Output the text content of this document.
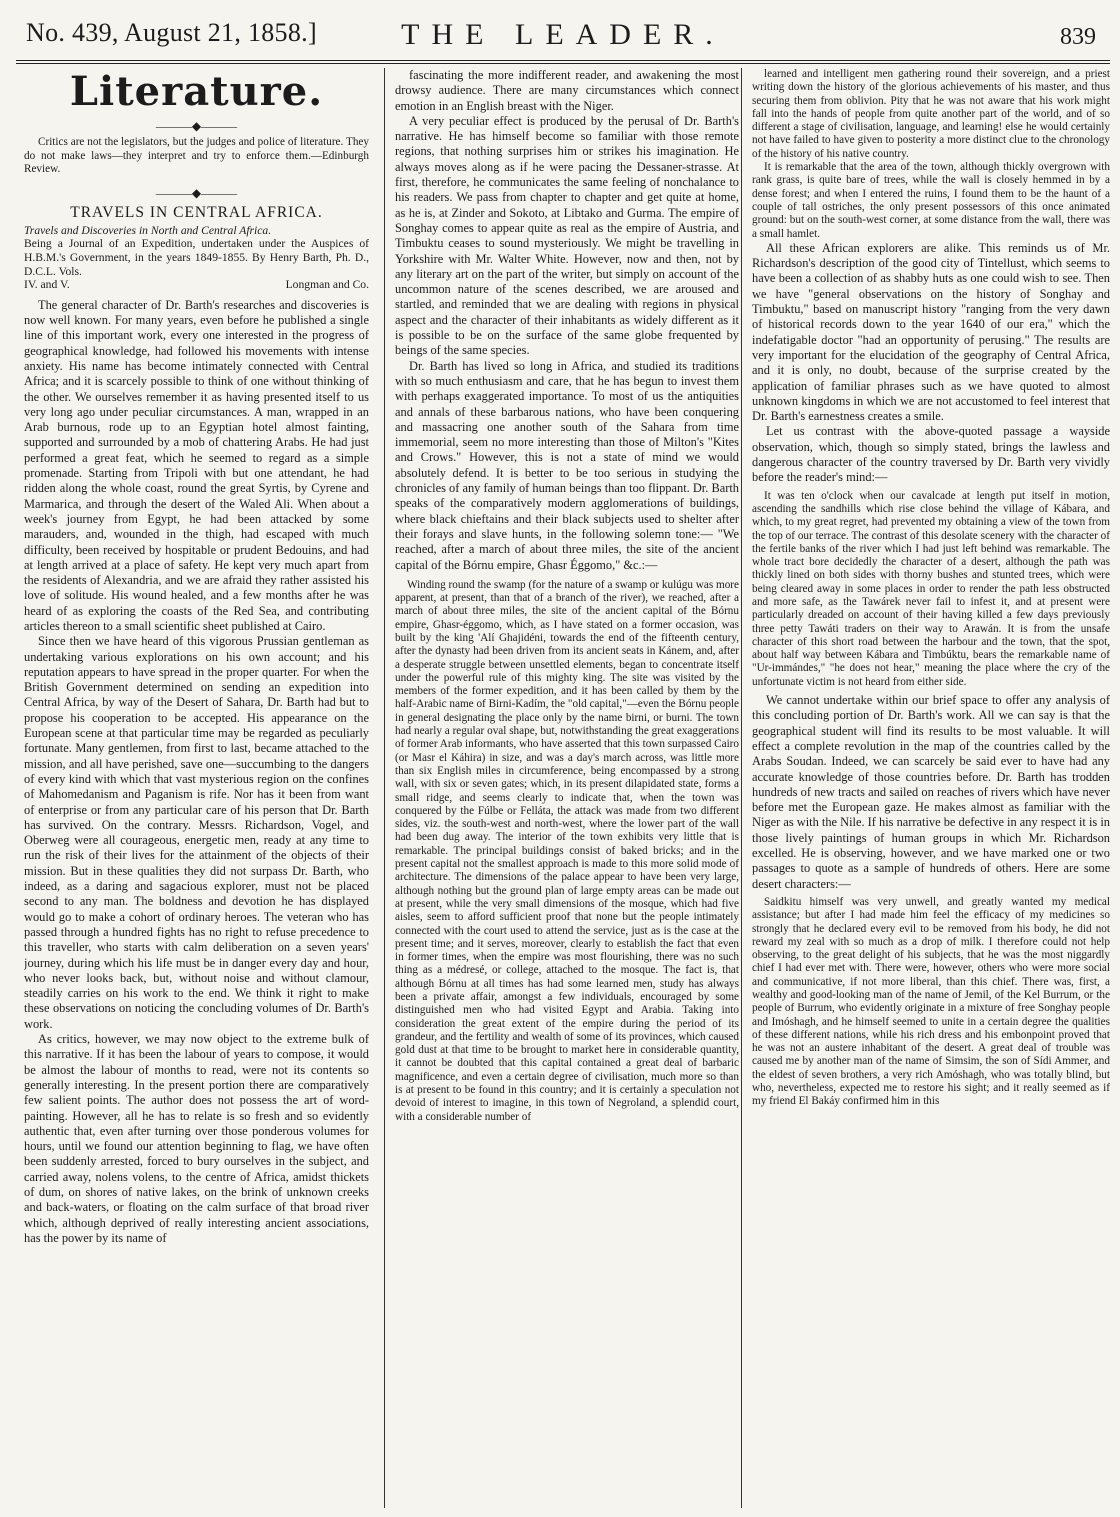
No. 439, August 21, 1858.]	THE LEADER.	839
Literature.
———◆———
Critics are not the legislators, but the judges and police of literature. They do not make laws—they interpret and try to enforce them.—Edinburgh Review.
———◆———
TRAVELS IN CENTRAL AFRICA.
Travels and Discoveries in North and Central Africa.
Being a Journal of an Expedition, undertaken under the Auspices of H.B.M.'s Government, in the years 1849-1855. By Henry Barth, Ph. D., D.C.L. Vols.
IV. and V.	Longman and Co.

The general character of Dr. Barth's researches and discoveries is now well known. For many years, even before he published a single line of this important work, every one interested in the progress of geographical knowledge, had followed his movements with intense anxiety. His name has become intimately connected with Central Africa; and it is scarcely possible to think of one without thinking of the other. We ourselves remember it as having presented itself to us very long ago under peculiar circumstances. A man, wrapped in an Arab burnous, rode up to an Egyptian hotel almost fainting, supported and surrounded by a mob of chattering Arabs. He had just performed a great feat, which he seemed to regard as a simple promenade. Starting from Tripoli with but one attendant, he had ridden along the whole coast, round the great Syrtis, by Cyrene and Marmarica, and through the desert of the Waled Ali. When about a week's journey from Egypt, he had been attacked by some marauders, and, wounded in the thigh, had escaped with much difficulty, been received by hospitable or prudent Bedouins, and had at length arrived at a place of safety. He kept very much apart from the residents of Alexandria, and we are afraid they rather assisted his love of solitude. His wound healed, and a few months after he was heard of as exploring the coasts of the Red Sea, and contributing articles thereon to a small scientific sheet published at Cairo.

Since then we have heard of this vigorous Prussian gentleman as undertaking various explorations on his own account; and his reputation appears to have spread in the proper quarter. For when the British Government determined on sending an expedition into Central Africa, by way of the Desert of Sahara, Dr. Barth had but to propose his cooperation to be accepted. His appearance on the European scene at that particular time may be regarded as peculiarly fortunate. Many gentlemen, from first to last, became attached to the mission, and all have perished, save one—succumbing to the dangers of every kind with which that vast mysterious region on the confines of Mahomedanism and Paganism is rife. Nor has it been from want of enterprise or from any particular care of his person that Dr. Barth has survived. On the contrary. Messrs. Richardson, Vogel, and Oberweg were all courageous, energetic men, ready at any time to run the risk of their lives for the attainment of the objects of their mission. But in these qualities they did not surpass Dr. Barth, who indeed, as a daring and sagacious explorer, must not be placed second to any man. The boldness and devotion he has displayed would go to make a cohort of ordinary heroes. The veteran who has passed through a hundred fights has no right to refuse precedence to this traveller, who starts with calm deliberation on a seven years' journey, during which his life must be in danger every day and hour, who never looks back, but, without noise and without clamour, steadily carries on his work to the end. We think it right to make these observations on noticing the concluding volumes of Dr. Barth's work.

As critics, however, we may now object to the extreme bulk of this narrative. If it has been the labour of years to compose, it would be almost the labour of months to read, were not its contents so generally interesting. In the present portion there are comparatively few salient points. The author does not possess the art of word-painting. However, all he has to relate is so fresh and so evidently authentic that, even after turning over those ponderous volumes for hours, until we found our attention beginning to flag, we have often been suddenly arrested, forced to bury ourselves in the subject, and carried away, nolens volens, to the centre of Africa, amidst thickets of dum, on shores of native lakes, on the brink of unknown creeks and back-waters, or floating on the calm surface of that broad river which, although deprived of really interesting ancient associations, has the power by its name of

fascinating the more indifferent reader, and awakening the most drowsy audience. There are many circumstances which connect emotion in an English breast with the Niger.

A very peculiar effect is produced by the perusal of Dr. Barth's narrative. He has himself become so familiar with those remote regions, that nothing surprises him or strikes his imagination. He always moves along as if he were pacing the Dessaner-strasse. At first, therefore, he communicates the same feeling of nonchalance to his readers. We pass from chapter to chapter and get quite at home, as he is, at Zinder and Sokoto, at Libtako and Gurma. The empire of Songhay comes to appear quite as real as the empire of Austria, and Timbuktu ceases to sound mysteriously. We might be travelling in Yorkshire with Mr. Walter White. However, now and then, not by any literary art on the part of the writer, but simply on account of the uncommon nature of the scenes described, we are aroused and startled, and reminded that we are dealing with regions in physical aspect and the character of their inhabitants as widely different as it is possible to be on the surface of the same globe frequented by beings of the same species.

Dr. Barth has lived so long in Africa, and studied its traditions with so much enthusiasm and care, that he has begun to invest them with perhaps exaggerated importance. To most of us the antiquities and annals of these barbarous nations, who have been conquering and massacring one another south of the Sahara from time immemorial, seem no more interesting than those of Milton's "Kites and Crows." However, this is not a state of mind we would absolutely defend. It is better to be too serious in studying the chronicles of any family of human beings than too flippant. Dr. Barth speaks of the comparatively modern agglomerations of buildings, where black chieftains and their black subjects used to shelter after their forays and slave hunts, in the following solemn tone:— "We reached, after a march of about three miles, the site of the ancient capital of the Bórnu empire, Ghasr Éggomo," &c.:—

Winding round the swamp (for the nature of a swamp or kulúgu was more apparent, at present, than that of a branch of the river), we reached, after a march of about three miles, the site of the ancient capital of the Bórnu empire, Ghasr-éggomo, which, as I have stated on a former occasion, was built by the king 'Alí Ghajidéni, towards the end of the fifteenth century, after the dynasty had been driven from its ancient seats in Kánem, and, after a desperate struggle between unsettled elements, began to concentrate itself under the powerful rule of this mighty king. The site was visited by the members of the former expedition, and it has been called by them by the half-Arabic name of Birni-Kadím, the "old capital,"—even the Bórnu people in general designating the place only by the name birni, or burni. The town had nearly a regular oval shape, but, notwithstanding the great exaggerations of former Arab informants, who have asserted that this town surpassed Cairo (or Masr el Káhira) in size, and was a day's march across, was little more than six English miles in circumference, being encompassed by a strong wall, with six or seven gates; which, in its present dilapidated state, forms a small ridge, and seems clearly to indicate that, when the town was conquered by the Fúlbe or Felláta, the attack was made from two different sides, viz. the south-west and north-west, where the lower part of the wall had been dug away. The interior of the town exhibits very little that is remarkable. The principal buildings consist of baked bricks; and in the present capital not the smallest approach is made to this more solid mode of architecture. The dimensions of the palace appear to have been very large, although nothing but the ground plan of large empty areas can be made out at present, while the very small dimensions of the mosque, which had five aisles, seem to afford sufficient proof that none but the people intimately connected with the court used to attend the service, just as is the case at the present time; and it serves, moreover, clearly to establish the fact that even in former times, when the empire was most flourishing, there was no such thing as a médresé, or college, attached to the mosque. The fact is, that although Bórnu at all times has had some learned men, study has always been a private affair, amongst a few individuals, encouraged by some distinguished men who had visited Egypt and Arabia. Taking into consideration the great extent of the empire during the period of its grandeur, and the fertility and wealth of some of its provinces, which caused gold dust at that time to be brought to market here in considerable quantity, it cannot be doubted that this capital contained a great deal of barbaric magnificence, and even a certain degree of civilisation, much more so than is at present to be found in this country; and it is certainly a speculation not devoid of interest to imagine, in this town of Negroland, a splendid court, with a considerable number of

learned and intelligent men gathering round their sovereign, and a priest writing down the history of the glorious achievements of his master, and thus securing them from oblivion. Pity that he was not aware that his work might fall into the hands of people from quite another part of the world, and of so different a stage of civilisation, language, and learning! else he would certainly not have failed to have given to posterity a more distinct clue to the chronology of the history of his native country.

It is remarkable that the area of the town, although thickly overgrown with rank grass, is quite bare of trees, while the wall is closely hemmed in by a dense forest; and when I entered the ruins, I found them to be the haunt of a couple of tall ostriches, the only present possessors of this once animated ground: but on the south-west corner, at some distance from the wall, there was a small hamlet.

All these African explorers are alike. This reminds us of Mr. Richardson's description of the good city of Tintellust, which seems to have been a collection of as shabby huts as one could wish to see. Then we have "general observations on the history of Songhay and Timbuktu," based on manuscript history "ranging from the very dawn of historical records down to the year 1640 of our era," which the indefatigable doctor "had an opportunity of perusing." The results are very important for the elucidation of the geography of Central Africa, and it is only, no doubt, because of the surprise created by the application of familiar phrases such as we have quoted to almost unknown kingdoms in which we are not accustomed to feel interest that Dr. Barth's earnestness creates a smile.

Let us contrast with the above-quoted passage a wayside observation, which, though so simply stated, brings the lawless and dangerous character of the country traversed by Dr. Barth very vividly before the reader's mind:—

It was ten o'clock when our cavalcade at length put itself in motion, ascending the sandhills which rise close behind the village of Kábara, and which, to my great regret, had prevented my obtaining a view of the town from the top of our terrace. The contrast of this desolate scenery with the character of the fertile banks of the river which I had just left behind was remarkable. The whole tract bore decidedly the character of a desert, although the path was thickly lined on both sides with thorny bushes and stunted trees, which were being cleared away in some places in order to render the path less obstructed and more safe, as the Tawárek never fail to infest it, and at present were particularly dreaded on account of their having killed a few days previously three petty Tawáti traders on their way to Arawán. It is from the unsafe character of this short road between the harbour and the town, that the spot, about half way between Kábara and Timbúktu, bears the remarkable name of "Ur-immándes," "he does not hear," meaning the place where the cry of the unfortunate victim is not heard from either side.

We cannot undertake within our brief space to offer any analysis of this concluding portion of Dr. Barth's work. All we can say is that the geographical student will find its results to be most valuable. It will effect a complete revolution in the map of the countries called by the Arabs Soudan. Indeed, we can scarcely be said ever to have had any accurate knowledge of those countries before. Dr. Barth has trodden hundreds of new tracts and sailed on reaches of rivers which have never before met the European gaze. He makes almost as familiar with the Niger as with the Nile. If his narrative be defective in any respect it is in those lively paintings of human groups in which Mr. Richardson excelled. He is observing, however, and we have marked one or two passages to quote as a sample of hundreds of others. Here are some desert characters:—

Saidkitu himself was very unwell, and greatly wanted my medical assistance; but after I had made him feel the efficacy of my medicines so strongly that he declared every evil to be removed from his body, he did not reward my zeal with so much as a drop of milk. I therefore could not help observing, to the great delight of his subjects, that he was the most niggardly chief I had ever met with. There were, however, others who were more social and communicative, if not more liberal, than this chief. There was, first, a wealthy and good-looking man of the name of Jemil, of the Kel Burrum, or the people of Burrum, who evidently originate in a mixture of free Songhay people and Imóshagh, and he himself seemed to unite in a certain degree the qualities of these different nations, while his rich dress and his embonpoint proved that he was not an austere inhabitant of the desert. A great deal of trouble was caused me by another man of the name of Simsim, the son of Sídi Ammer, and the eldest of seven brothers, a very rich Amóshagh, who was totally blind, but who, nevertheless, expected me to restore his sight; and it really seemed as if my friend El Bakáy confirmed him in this
